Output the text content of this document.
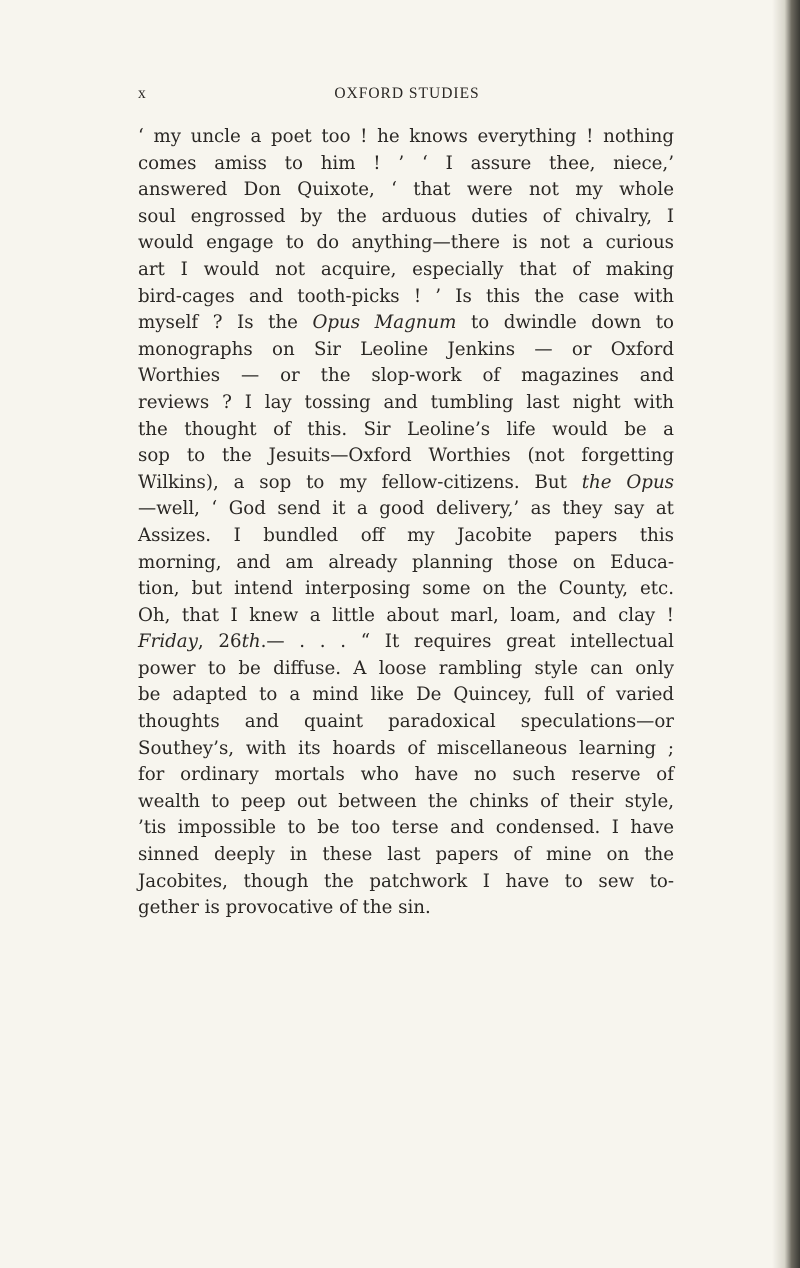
x	OXFORD STUDIES
‘ my uncle a poet too ! he knows everything ! nothing
comes amiss to him ! ’ ‘ I assure thee, niece,’
answered Don Quixote, ‘ that were not my whole
soul engrossed by the arduous duties of chivalry, I
would engage to do anything—there is not a curious
art I would not acquire, especially that of making
bird-cages and tooth-picks ! ’ Is this the case with
myself ? Is the Opus Magnum to dwindle down to
monographs on Sir Leoline Jenkins — or Oxford
Worthies — or the slop-work of magazines and
reviews ? I lay tossing and tumbling last night with
the thought of this. Sir Leoline’s life would be a
sop to the Jesuits—Oxford Worthies (not forgetting
Wilkins), a sop to my fellow-citizens. But the Opus
—well, ‘ God send it a good delivery,’ as they say at
Assizes. I bundled off my Jacobite papers this
morning, and am already planning those on Educa-
tion, but intend interposing some on the County, etc.
Oh, that I knew a little about marl, loam, and clay !
Friday, 26th.— . . . “ It requires great intellectual
power to be diffuse. A loose rambling style can only
be adapted to a mind like De Quincey, full of varied
thoughts and quaint paradoxical speculations—or
Southey’s, with its hoards of miscellaneous learning ;
for ordinary mortals who have no such reserve of
wealth to peep out between the chinks of their style,
’tis impossible to be too terse and condensed. I have
sinned deeply in these last papers of mine on the
Jacobites, though the patchwork I have to sew to-
gether is provocative of the sin.
